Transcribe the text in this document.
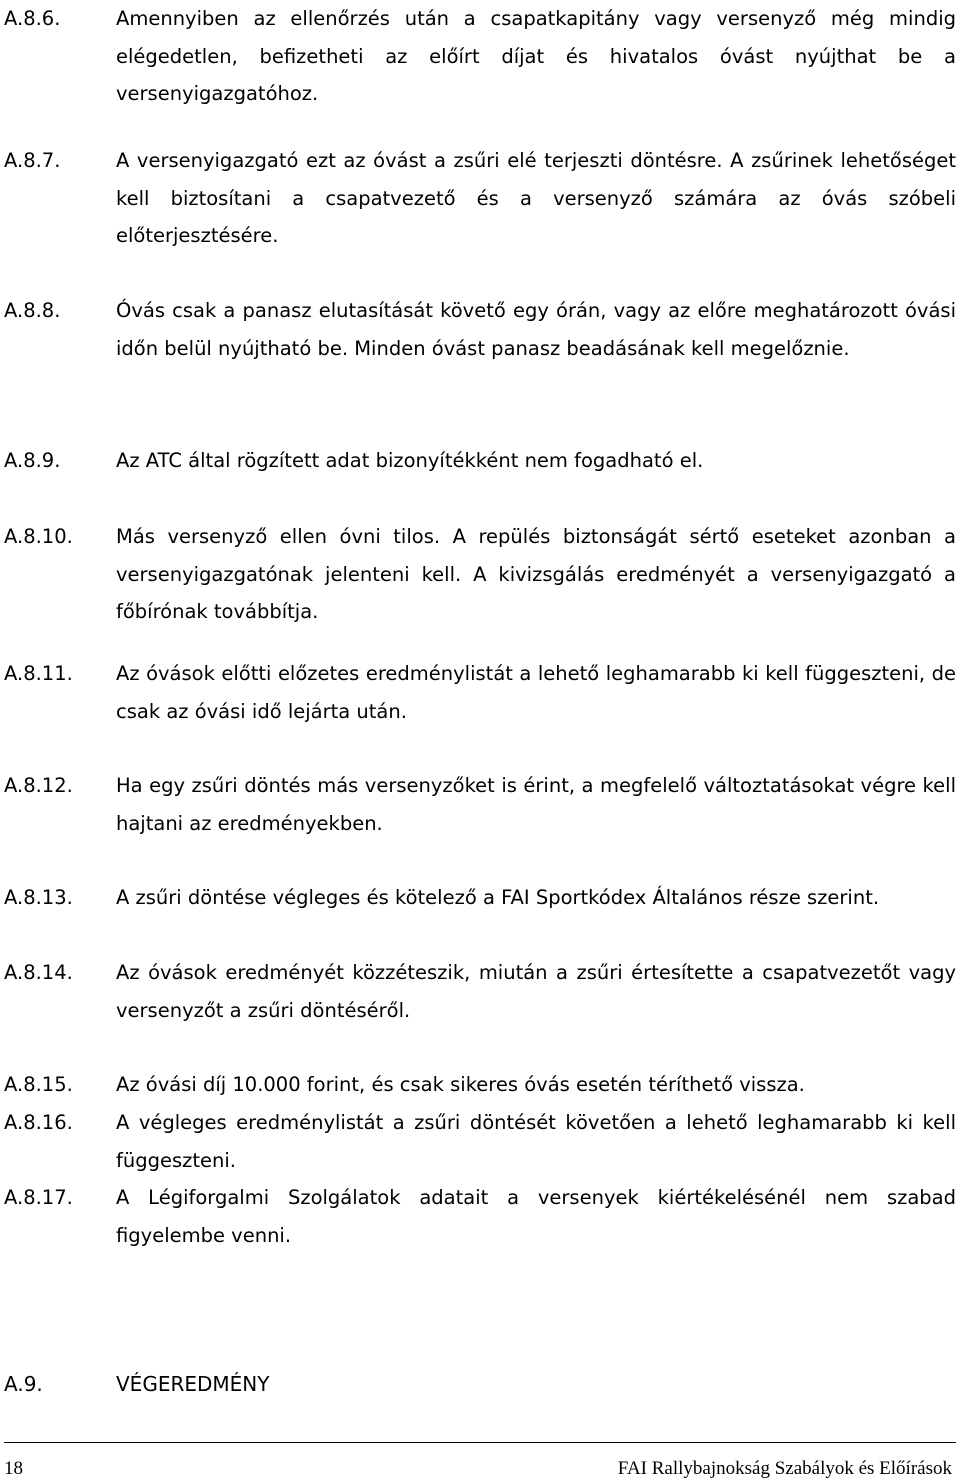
A.8.6.	Amennyiben az ellenőrzés után a csapatkapitány vagy versenyző még mindig elégedetlen, befizetheti az előírt díjat és hivatalos óvást nyújthat be a versenyigazgatóhoz.
A.8.7.	A versenyigazgató ezt az óvást a zsűri elé terjeszti döntésre. A zsűrinek lehetőséget kell biztosítani a csapatvezető és a versenyző számára az óvás szóbeli előterjesztésére.
A.8.8.	Óvás csak a panasz elutasítását követő egy órán, vagy az előre meghatározott óvási időn belül nyújtható be. Minden óvást panasz beadásának kell megelőznie.
A.8.9.	Az ATC által rögzített adat bizonyítékként nem fogadható el.
A.8.10. Más versenyző ellen óvni tilos. A repülés biztonságát sértő eseteket azonban a versenyigazgatónak jelenteni kell. A kivizsgálás eredményét a versenyigazgató a főbírónak továbbítja.
A.8.11. Az óvások előtti előzetes eredménylistát a lehető leghamarabb ki kell függeszteni, de csak az óvási idő lejárta után.
A.8.12. Ha egy zsűri döntés más versenyzőket is érint, a megfelelő változtatásokat végre kell hajtani az eredményekben.
A.8.13. A zsűri döntése végleges és kötelező a FAI Sportkódex Általános része szerint.
A.8.14. Az óvások eredményét közzéteszik, miután a zsűri értesítette a csapatvezetőt vagy versenyzőt a zsűri döntéséről.
A.8.15. Az óvási díj 10.000 forint, és csak sikeres óvás esetén téríthető vissza.
A.8.16. A végleges eredménylistát a zsűri döntését követően a lehető leghamarabb ki kell függeszteni.
A.8.17. A Légiforgalmi Szolgálatok adatait a versenyek kiértékelésénél nem szabad figyelembe venni.
A.9.	VÉGEREDMÉNY
18	FAI Rallybajnokság Szabályok és Előírások
